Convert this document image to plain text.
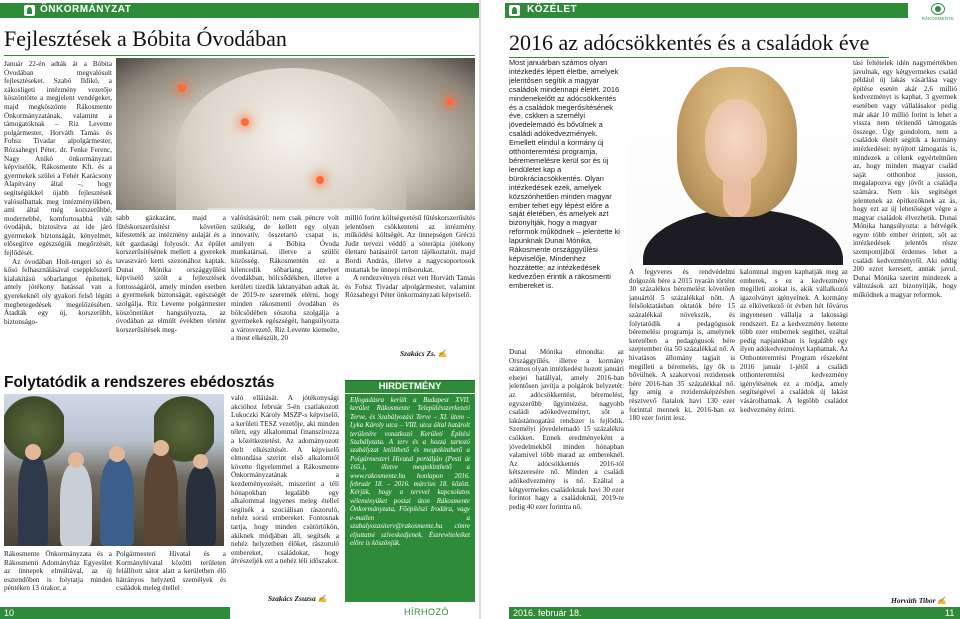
ÖNKORMÁNYZAT
Fejlesztések a Bóbita Óvodában

Január 22-én adták át a Bóbita Óvodában megvalósult fejlesztéseket. Szabó Ildikó, a zákosligeti intézmény vezetője köszöntötte a megjelent vendégeket, majd megköszönte Rákosmente Önkormányzatának, valamint a támogatóknak – Riz Levente polgármester, Horváth Tamás és Fohsz Tivadar alpolgármester, Rózsahegyi Péter, dr. Fenke Ferenc, Nagy Anikó önkormányzati képviselők, Rákosmente Kft. és a gyermekek szülei a Fehér Karácsony Alapítvány által –, hogy segítségükkel újabb fejlesztések valósulhattak meg intézményükben, ami által még korszerűbbé, modernebbé, komfortosabbá vált óvodájuk, biztosítva az ide járó gyermekek biztonságát, kényelmét, elősegítve egészségük megőrzését, fejlődését.

Az óvodában Holt-tengeri só és kősó felhasználásával cseppkőszerű kialakítású sóbarlangot építettek, amely jótékony hatással van a gyerekeknél oly gyakori felső légúti megbetegedések megelőzésében. Átadták egy új, korszerűbb, biztonságo-

sabb gázkazánt, majd a fűtéskorszerűsítést követően kifestették az intézmény aulaját és a két gazdasági folyosót. Az épület korszerűsítésének mellett a gyerekek tavaszváró kerti szezonához kaptak. Dunai Mónika országgyűlési képviselő szólt a fejlesztések fontosságáról, amely minden esetben a gyermekek biztonságát, egészségét szolgálja. Riz Levente polgármester köszönetüket hangsúlyozta, az óvodában az elmúlt években történt korszerűsítések meg-

valósításáról: nem csak péncre volt szükség, de kellett egy olyan innovatív, összetartó csapat is, amilyen a Bóbita Óvoda munkatársai, illetve a szülői közösség. Rákosmentén ez a kilencedik sóbarlang, amelyet óvodákban, bölcsődékben, illetve a kerületi tizedik laktanyában adtak át, de 2019-re szeretnék elérni, hogy minden rákosmenti óvodában és bölcsődében sószoba szolgálja a gyermekek egészségét, hangsúlyozta a városvezető. Riz Levente kiemelte, a most elkészült, 20

millió forint költségvetésű fűtéskorszerűsítés jelentősen csökkenteni az intézmény működési költségét. Az ünnepségen Gréczi Judit tervezi véddő a sóterápia jótékony élettani hatásairól tartott tájékoztatót, majd Bordi András, illetve a nagycsoportosok mutattak be ünnepi műsorukat.

A rendezvényen részt vett Horváth Tamás és Fohsz Tivadar alpolgármester, valamint Rózsahegyi Péter önkormányzati képviselő.

Szakács Zs. ✍
Folytatódik a rendszeres ebédosztás

Rákosmente Önkormányzata és a Rákosmenti Adományház Egyesület az ünnepek elmúltával, az új esztendőben is folytatja minden péntéken 13 órakor, a

Polgármesteri Hivatal és a Kormányhivatal közötti területen felállított sátor alatt a kerületben élő hátrányos helyzetű személyek és családok meleg étellel

való ellátását. A jótékonysági akcióhoz február 5-én csatlakozott Lukoczki Károly MSZP-s képviselő, a kerületi TESZ vezetője, aki minden télen, egy alkalommal finanszírozza a közétkeztetést. Az adományozott ételt elkészítését. A képviselő elmondása szerint első alkalomtól követte figyelemmel a Rákosmente Önkormányzatának a kezdeményezését, miszerint a téli hónapokban legalább egy alkalommal ingyenes meleg étellel segítsék a szociálisan rászoruló, nehéz sorsú embereket. Fontosnak tartja, hogy minden csütörtökön, akiknek módjában áll, segítsék a nehéz helyzetben élőket, rászoruló embereket, családokat, hogy átvészeljék ezt a nehéz téli időszakot.

Szakács Zsuzsa ✍
HIRDETMÉNY
Elfogadásra került a Budapest XVII. kerület Rákosmente Településszerkezeti Terve, és Szabályozási Terve – XI. ütem – Lyka Károly utca – VIII. utca által határolt területére vonatkozó Kerületi Építési Szabályzata. A terv és a hozzá tartozó szabályzat letölthető és megtekinthető a Polgármesteri Hivatal portálján (Pesti út 165.), illetve megtekinthető a www.rakosmente.hu honlapon 2016. február 18. – 2016. március 18. között. Kérjük, hogy a tervvel kapcsolatos véleményüket postai úton Rákosmente Önkormányzata, Főépítészi Irodára, vagy e-mailen a szabalyozasiterv@rakosmente.hu címre eljuttatni szíveskedjenek. Észrevételeiket előre is köszönjük.
10	HÍRHOZÓ
KÖZÉLET
2016 az adócsökkentés és a családok éve

Most januárban számos olyan intézkedés lépett életbe, amelyek jelentősen segítik a magyar családok mindennapi életét. 2016 mindenekelőtt az adócsökkentés és a családok megerősítésének éve, cskken a személyi jövedelemadó és bővülnek a családi adókedvezmények. Emellett elindul a kormány új otthonteremtési programja, bérememelésre kerül sor és új lendületet kap a bürokráciacsökkentés. Olyan intézkedések ezek, amelyek közszónhetően minden magyar ember tehet egy lépést előre a saját életében, és amelyek azt bizonyítják, hogy a magyar reformok működnek – jelentette ki lapunknak Dunai Mónika, Rákosmente országgyűlési képviselője. Mindenhez hozzátette: az intézkedések kedvezően érintik a rákosmenti embereket is.

Dunai Mónika elmondta: az Országgyűlés, illetve a kormány számos olyan intézkedést hozott januári elsejei hatállyal, amely 2016-ban jelentősen javítja a polgárok helyzetét: az adócsökkentést, béremelést, egyszerűbb ügyintézést, nagyobb családi adókedvezményt, sőt a lakástámogatási rendszer is fejlődik. Személyi jövedelemadó 15 százalékra csökken. Ennek eredményeként a jövedelmekből minden hónapban valamivel több marad az embereknél. Az adócsökkentés 2016-tól kétszeresére nő. Minden a családi adókedvezmény is nő. Ezáltal a kétgyermekes családoknak havi 30 ezer forintot hagy a családoknál, 2019-re pedig 40 ezer forintra nő.

A fegyveres és rendvédelmi dolgozók bére a 2015 nyarán történt 30 százalékos béremelést követően januártól 5 százalékkal nőtt. A felsőoktatásban oktatók bére 15 százalékkal növekszik, és folytatódik a pedagógusok béremelési programja is, amelynek keretében a pedagógusok bére szeptember óta 50 százalékkal nő. A hivatásos állomány tagjait is megilleti a béremelés, így ők is bővülnek. A szakorvosi rezidensek bére 2016-ban 35 százalékkal nő. Így amíg a rezidensképzésben résztvevő fiatalok havi 130 ezer forinttal mennek ki, 2016-ban ez 180 ezer forint lesz.

kalommal ingyen kaphatják meg az emberek, s ez a kedvezmény megilleti azokat is, akik vállalkozói igazolványt igényelnek. A kormány az elkövetkező öt évben hét főváros ingyenesen vállalja a lakossági rendszert. Ez a kedvezmény hetente több ezer embernek segíthet, ezáltal pedig napjainkban is legalább egy ilyen adókedvezményt kaphatnak. Az Otthonteremtési Program részeként 2016 január 1-jétől a családi otthonteremtési kedvezmény igénylésének ez a módja, amely segítségével a családok új lakást vásárolhatnak. A legtöbb családot kedvezmény érinti.

tási feltételek idén nagymértékben javulnak, egy kétgyermekes család például új lakás vásárlása vagy építése esetén akár 2,6 millió kedvezményt is kaphat, 3 gyermek esetében vagy vállalásakor pedig már akár 10 millió forint is lehet a vissza nem térítendő támogatás összege. Úgy gondolom, nem a családok életét segítik a kormány intézkedései: nyújtott támogatás is, mindezek a célunk egyértelműen az, hogy minden magyar család saját otthonhoz jusson, megalapozva egy jövőt a családja számára. Nem kis segítséget jelentenek az építkezőknek az ás, hogy ezt az új lehetőséget végre a magyar családok élvezhetik. Dunai Mónika hangsúlyozta: a hétvégék egyre több ember érintett, sőt az intézkedések jelentős része szempontjából érdemes lehet a családi kedvezményről. Aki eddig 200 ezret keresett, annak javul. Dunai Mónika szerint mindezek a változások azt bizonyítják, hogy működnek a magyar reformok.

Horváth Tibor ✍
2016. február 18.	11
RÁKOSMENTE
